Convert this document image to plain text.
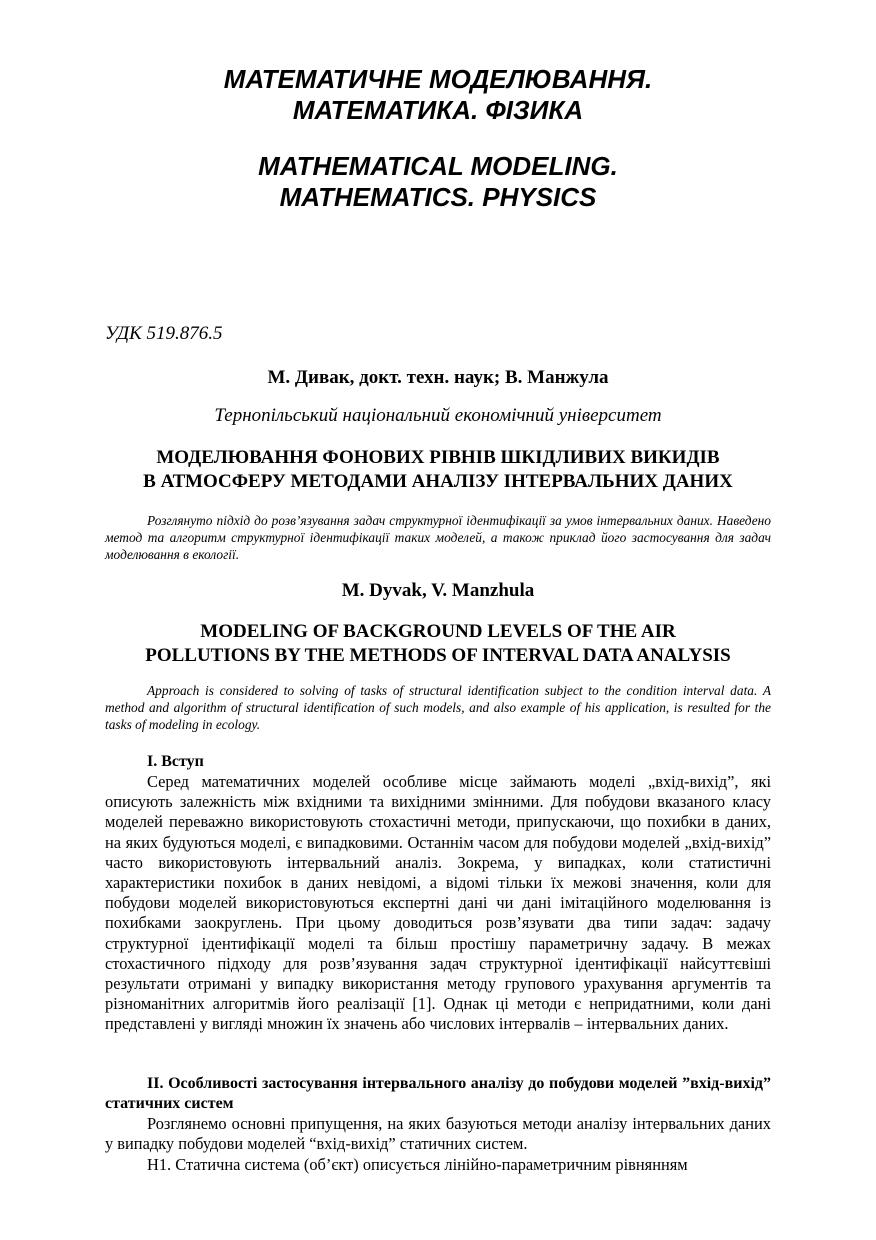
МАТЕМАТИЧНЕ МОДЕЛЮВАННЯ.
МАТЕМАТИКА. ФІЗИКА
MATHEMATICAL MODELING.
MATHEMATICS. PHYSICS
УДК 519.876.5
М. Дивак, докт. техн. наук; В. Манжула
Тернопільський національний економічний університет
МОДЕЛЮВАННЯ ФОНОВИХ РІВНІВ ШКІДЛИВИХ ВИКИДІВ
В АТМОСФЕРУ МЕТОДАМИ АНАЛІЗУ ІНТЕРВАЛЬНИХ ДАНИХ
Розглянуто підхід до розв’язування задач структурної ідентифікації за умов інтервальних даних. Наведено метод та алгоритм структурної ідентифікації таких моделей, а також приклад його застосування для задач моделювання в екології.
M. Dyvak, V. Manzhula
MODELING OF BACKGROUND LEVELS OF THE AIR
POLLUTIONS BY THE METHODS OF INTERVAL DATA ANALYSIS
Approach is considered to solving of tasks of structural identification subject to the condition interval data. A method and algorithm of structural identification of such models, and also example of his application, is resulted for the tasks of modeling in ecology.
I. Вступ
Серед математичних моделей особливе місце займають моделі „вхід-вихід”, які описують залежність між вхідними та вихідними змінними. Для побудови вказаного класу моделей переважно використовують стохастичні методи, припускаючи, що похибки в даних, на яких будуються моделі, є випадковими. Останнім часом для побудови моделей „вхід-вихід” часто використовують інтервальний аналіз. Зокрема, у випадках, коли статистичні характеристики похибок в даних невідомі, а відомі тільки їх межові значення, коли для побудови моделей використовуються експертні дані чи дані імітаційного моделювання із похибками заокруглень. При цьому доводиться розв’язувати два типи задач: задачу структурної ідентифікації моделі та більш простішу параметричну задачу. В межах стохастичного підходу для розв’язування задач структурної ідентифікації найсуттєвіші результати отримані у випадку використання методу групового урахування аргументів та різноманітних алгоритмів його реалізації [1]. Однак ці методи є непридатними, коли дані представлені у вигляді множин їх значень або числових інтервалів – інтервальних даних.
II. Особливості застосування інтервального аналізу до побудови моделей ”вхід-вихід” статичних систем
Розглянемо основні припущення, на яких базуються методи аналізу інтервальних даних у випадку побудови моделей “вхід-вихід” статичних систем.
Н1. Статична система (об’єкт) описується лінійно-параметричним рівнянням
